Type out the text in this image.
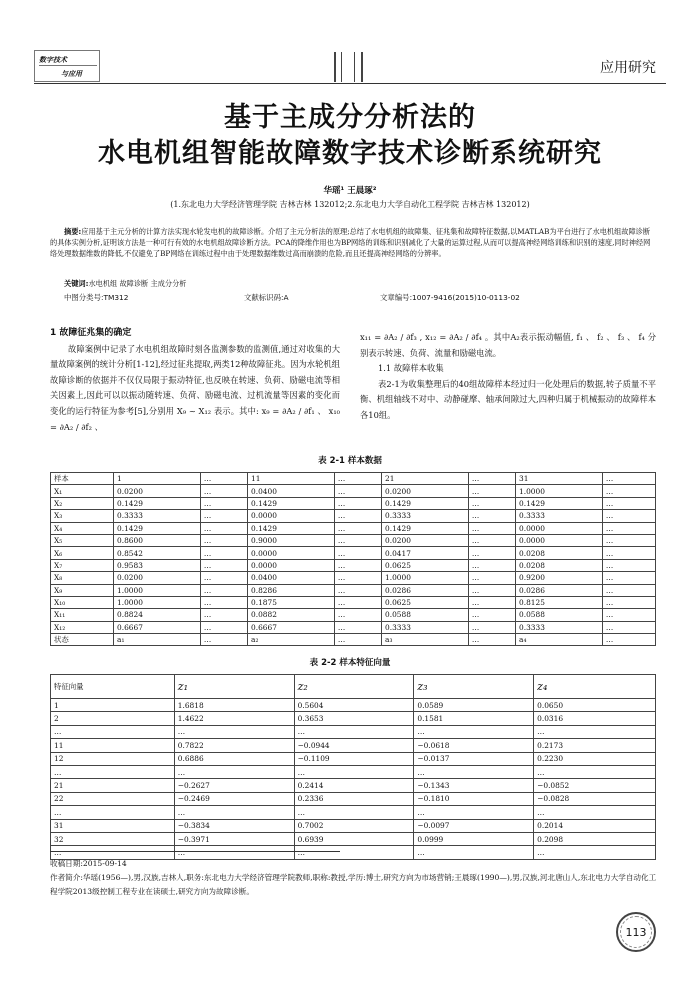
数字技术
与应用	应用研究
基于主成分分析法的
水电机组智能故障数字技术诊断系统研究
华瑶¹ 王晨琢²
(1.东北电力大学经济管理学院 吉林吉林 132012;2.东北电力大学自动化工程学院 吉林吉林 132012)
摘要:应用基于主元分析的计算方法实现水轮发电机的故障诊断。介绍了主元分析法的原理;总结了水电机组的故障集、征兆集和故障特征数据,以MATLAB为平台进行了水电机组故障诊断的具体实例分析,证明该方法是一种可行有效的水电机组故障诊断方法。PCA的降维作用也为BP网络的训练和识别减化了大量的运算过程,从而可以提高神经网络训练和识别的速度,同时神经网络处理数据维数的降低,不仅避免了BP网络在训练过程中由于处理数据维数过高而崩溃的危险,而且还提高神经网络的分辨率。
关键词:水电机组 故障诊断 主成分分析
中图分类号:TM312	文献标识码:A	文章编号:1007-9416(2015)10-0113-02

1 故障征兆集的确定

故障案例中记录了水电机组故障时刻各监测参数的监测值,通过对收集的大量故障案例的统计分析[1-12],经过征兆提取,两类12种故障征兆。因为水轮机组故障诊断的依据并不仅仅局限于振动特征,也反映在转速、负荷、励磁电流等相关因素上,因此可以以振动随转速、负荷、励磁电流、过机流量等因素的变化而变化的运行特征为参考[5],分别用 X₉ ~ X₁₂ 表示。其中: x₉ = ∂A₂ / ∂f₁ 、 x₁₀ = ∂A₂ / ∂f₂ 、

x₁₁ = ∂A₂ / ∂f₃ , x₁₂ = ∂A₂ / ∂f₄ 。其中A₂表示振动幅值, f₁ 、 f₂ 、 f₃ 、 f₄ 分别表示转速、负荷、流量和励磁电流。

1.1 故障样本收集

表2-1为收集整理后的40组故障样本经过归一化处理后的数据,转子质量不平衡、机组轴线不对中、动静碰摩、轴承间隙过大,四种归属于机械振动的故障样本各10组。

表 2-1 样本数据
样本	1	…	11	…	21	…	31	…
X₁	0.0200	…	0.0400	…	0.0200	…	1.0000	…
X₂	0.1429	…	0.1429	…	0.1429	…	0.1429	…
X₃	0.3333	…	0.0000	…	0.3333	…	0.3333	…
X₄	0.1429	…	0.1429	…	0.1429	…	0.0000	…
X₅	0.8600	…	0.9000	…	0.0200	…	0.0000	…
X₆	0.8542	…	0.0000	…	0.0417	…	0.0208	…
X₇	0.9583	…	0.0000	…	0.0625	…	0.0208	…
X₈	0.0200	…	0.0400	…	1.0000	…	0.9200	…
X₉	1.0000	…	0.8286	…	0.0286	…	0.0286	…
X₁₀	1.0000	…	0.1875	…	0.0625	…	0.8125	…
X₁₁	0.8824	…	0.0882	…	0.0588	…	0.0588	…
X₁₂	0.6667	…	0.6667	…	0.3333	…	0.3333	…
状态	a₁	…	a₂	…	a₃	…	a₄	…
表 2-2 样本特征向量
特征向量	z₁	z₂	z₃	z₄
1	1.6818	0.5604	0.0589	0.0650
2	1.4622	0.3653	0.1581	0.0316
…	…	…	…	…
11	0.7822	−0.0944	−0.0618	0.2173
12	0.6886	−0.1109	−0.0137	0.2230
…	…	…	…	…
21	−0.2627	0.2414	−0.1343	−0.0852
22	−0.2469	0.2336	−0.1810	−0.0828
…	…	…	…	…
31	−0.3834	0.7002	−0.0097	0.2014
32	−0.3971	0.6939	0.0999	0.2098
…	…	…	…	…
收稿日期:2015-09-14
作者简介:华瑶(1956—),男,汉族,吉林人,职务:东北电力大学经济管理学院教师,职称:教授,学历:博士,研究方向为市场营销;王晨琢(1990—),男,汉族,河北唐山人,东北电力大学自动化工程学院2013级控制工程专业在读硕士,研究方向为故障诊断。
113
